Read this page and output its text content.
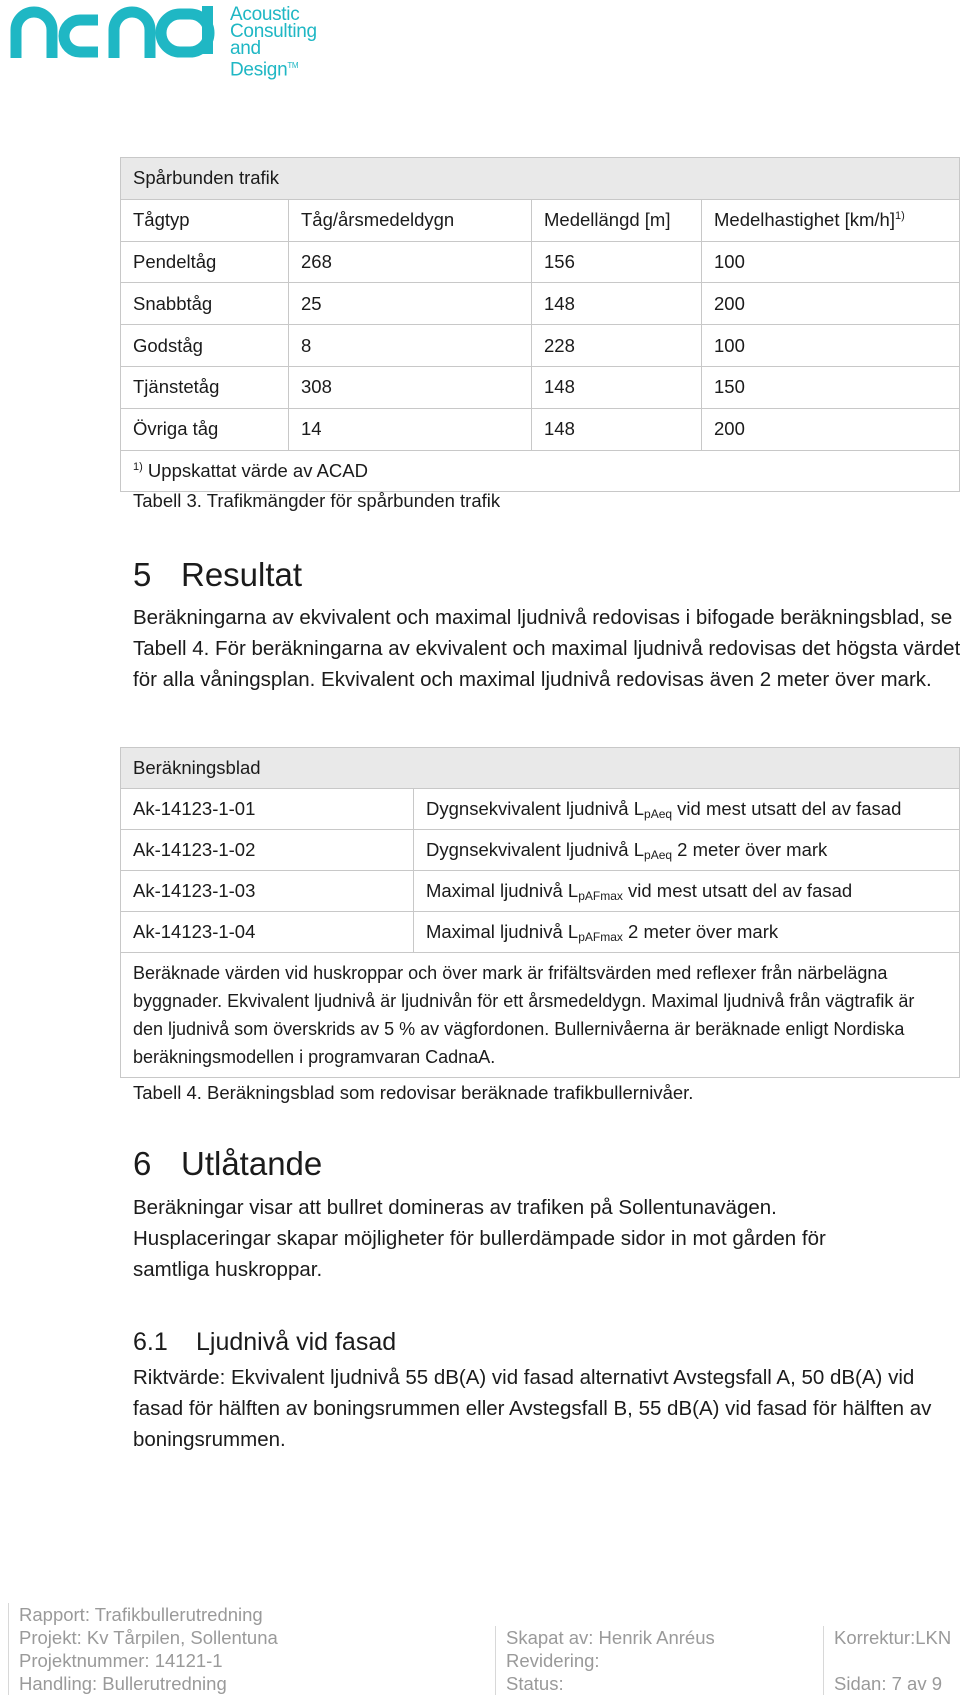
Acoustic
Consulting
and Design™
Spårbunden trafik			
Tågtyp	Tåg/årsmedeldygn	Medellängd [m]	Medelhastighet $[km/h]^{1)}$
Pendeltåg	268	156	100
Snabbtåg	25	148	200
Godståg	8	228	100
Tjänstetåg	308	148	150
Övriga tåg	14	148	200
$^{1)}$ Uppskattat värde av ACAD			
Tabell 3. Trafikmängder för spårbunden trafik
5 Resultat

Beräkningarna av ekvivalent och maximal ljudnivå redovisas i bifogade beräkningsblad, se Tabell 4. För beräkningarna av ekvivalent och maximal ljudnivå redovisas det högsta värdet för alla våningsplan. Ekvivalent och maximal ljudnivå redovisas även 2 meter över mark.

Beräkningsblad	
Ak-14123-1-01	Dygnsekvivalent ljudnivå $L_{pAeq}$ vid mest utsatt del av fasad
Ak-14123-1-02	Dygnsekvivalent ljudnivå $L_{pAeq}$ 2 meter över mark
Ak-14123-1-03	Maximal ljudnivå $L_{pAFmax}$ vid mest utsatt del av fasad
Ak-14123-1-04	Maximal ljudnivå $L_{pAFmax}$ 2 meter över mark
Beräknade värden vid huskroppar och över mark är frifältsvärden med reflexer från närbelägna byggnader. Ekvivalent ljudnivå är ljudnivån för ett årsmedeldygn. Maximal ljudnivå från vägtrafik är den ljudnivå som överskrids av 5 % av vägfordonen. Bullernivåerna är beräknade enligt Nordiska beräkningsmodellen i programvaran CadnaA.	
Tabell 4. Beräkningsblad som redovisar beräknade trafikbullernivåer.
6 Utlåtande

Beräkningar visar att bullret domineras av trafiken på Sollentunavägen. Husplaceringar skapar möjligheter för bullerdämpade sidor in mot gården för samtliga huskroppar.

6.1 Ljudnivå vid fasad

Riktvärde: Ekvivalent ljudnivå 55 dB(A) vid fasad alternativt Avstegsfall A, 50 dB(A) vid fasad för hälften av boningsrummen eller Avstegsfall B, 55 dB(A) vid fasad för hälften av boningsrummen.

Rapport: Trafikbullerutredning
Projekt: Kv Tårpilen, Sollentuna
Projektnummer: 14121-1
Handling: Bullerutredning
Skapat av: Henrik Anréus
Revidering:
Status:
Korrektur:LKN

Sidan: 7 av 9
